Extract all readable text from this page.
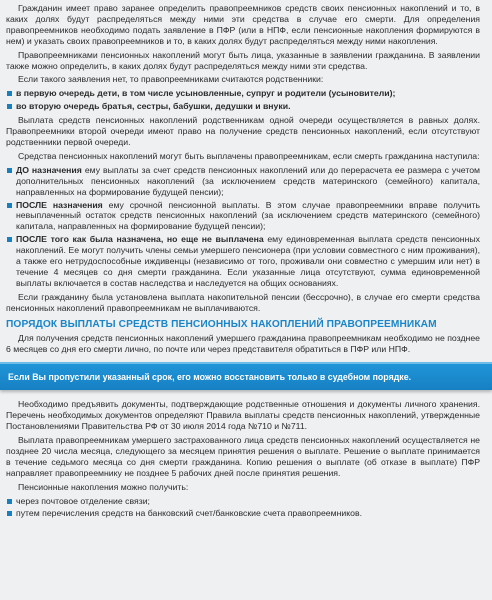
Гражданин имеет право заранее определить правопреемников средств своих пенсионных накоплений и то, в каких долях будут распределяться между ними эти средства в случае его смерти. Для определения правопреемников необходимо подать заявление в ПФР (или в НПФ, если пенсионные накопления формируются в нем) и указать своих правопреемников и то, в каких долях будут распределяться между ними накопления.

Правопреемниками пенсионных накоплений могут быть лица, указанные в заявлении гражданина. В заявлении также можно определить, в каких долях будут распределяться между ними эти средства.

Если такого заявления нет, то правопреемниками считаются родственники:

в первую очередь дети, в том числе усыновленные, супруг и родители (усыновители);
во вторую очередь братья, сестры, бабушки, дедушки и внуки.

Выплата средств пенсионных накоплений родственникам одной очереди осуществляется в равных долях. Правопреемники второй очереди имеют право на получение средств пенсионных накоплений, если отсутствуют родственники первой очереди.

Средства пенсионных накоплений могут быть выплачены правопреемникам, если смерть гражданина наступила:

ДО назначения ему выплаты за счет средств пенсионных накоплений или до перерасчета ее размера с учетом дополнительных пенсионных накоплений (за исключением средств материнского (семейного) капитала, направленных на формирование будущей пенсии);
ПОСЛЕ назначения ему срочной пенсионной выплаты. В этом случае правопреемники вправе получить невыплаченный остаток средств пенсионных накоплений (за исключением средств материнского (семейного) капитала, направленных на формирование будущей пенсии);
ПОСЛЕ того как была назначена, но еще не выплачена ему единовременная выплата средств пенсионных накоплений. Ее могут получить члены семьи умершего пенсионера (при условии совместного с ним проживания), а также его нетрудоспособные иждивенцы (независимо от того, проживали они совместно с умершим или нет) в течение 4 месяцев со дня смерти гражданина. Если указанные лица отсутствуют, сумма единовременной выплаты включается в состав наследства и наследуется на общих основаниях.

Если гражданину была установлена выплата накопительной пенсии (бессрочно), в случае его смерти средства пенсионных накоплений правопреемникам не выплачиваются.

ПОРЯДОК ВЫПЛАТЫ СРЕДСТВ ПЕНСИОННЫХ НАКОПЛЕНИЙ ПРАВОПРЕЕМНИКАМ

Для получения средств пенсионных накоплений умершего гражданина правопреемникам необходимо не позднее 6 месяцев со дня его смерти лично, по почте или через представителя обратиться в ПФР или НПФ.

Если Вы пропустили указанный срок, его можно восстановить только в судебном порядке.

Необходимо предъявить документы, подтверждающие родственные отношения и документы личного хранения. Перечень необходимых документов определяют Правила выплаты средств пенсионных накоплений, утвержденные Постановлениями Правительства РФ от 30 июля 2014 года №710 и №711.

Выплата правопреемникам умершего застрахованного лица средств пенсионных накоплений осуществляется не позднее 20 числа месяца, следующего за месяцем принятия решения о выплате. Решение о выплате принимается в течение седьмого месяца со дня смерти гражданина. Копию решения о выплате (об отказе в выплате) ПФР направляет правопреемнику не позднее 5 рабочих дней после принятия решения.

Пенсионные накопления можно получить:

через почтовое отделение связи;
путем перечисления средств на банковский счет/банковские счета правопреемников.
